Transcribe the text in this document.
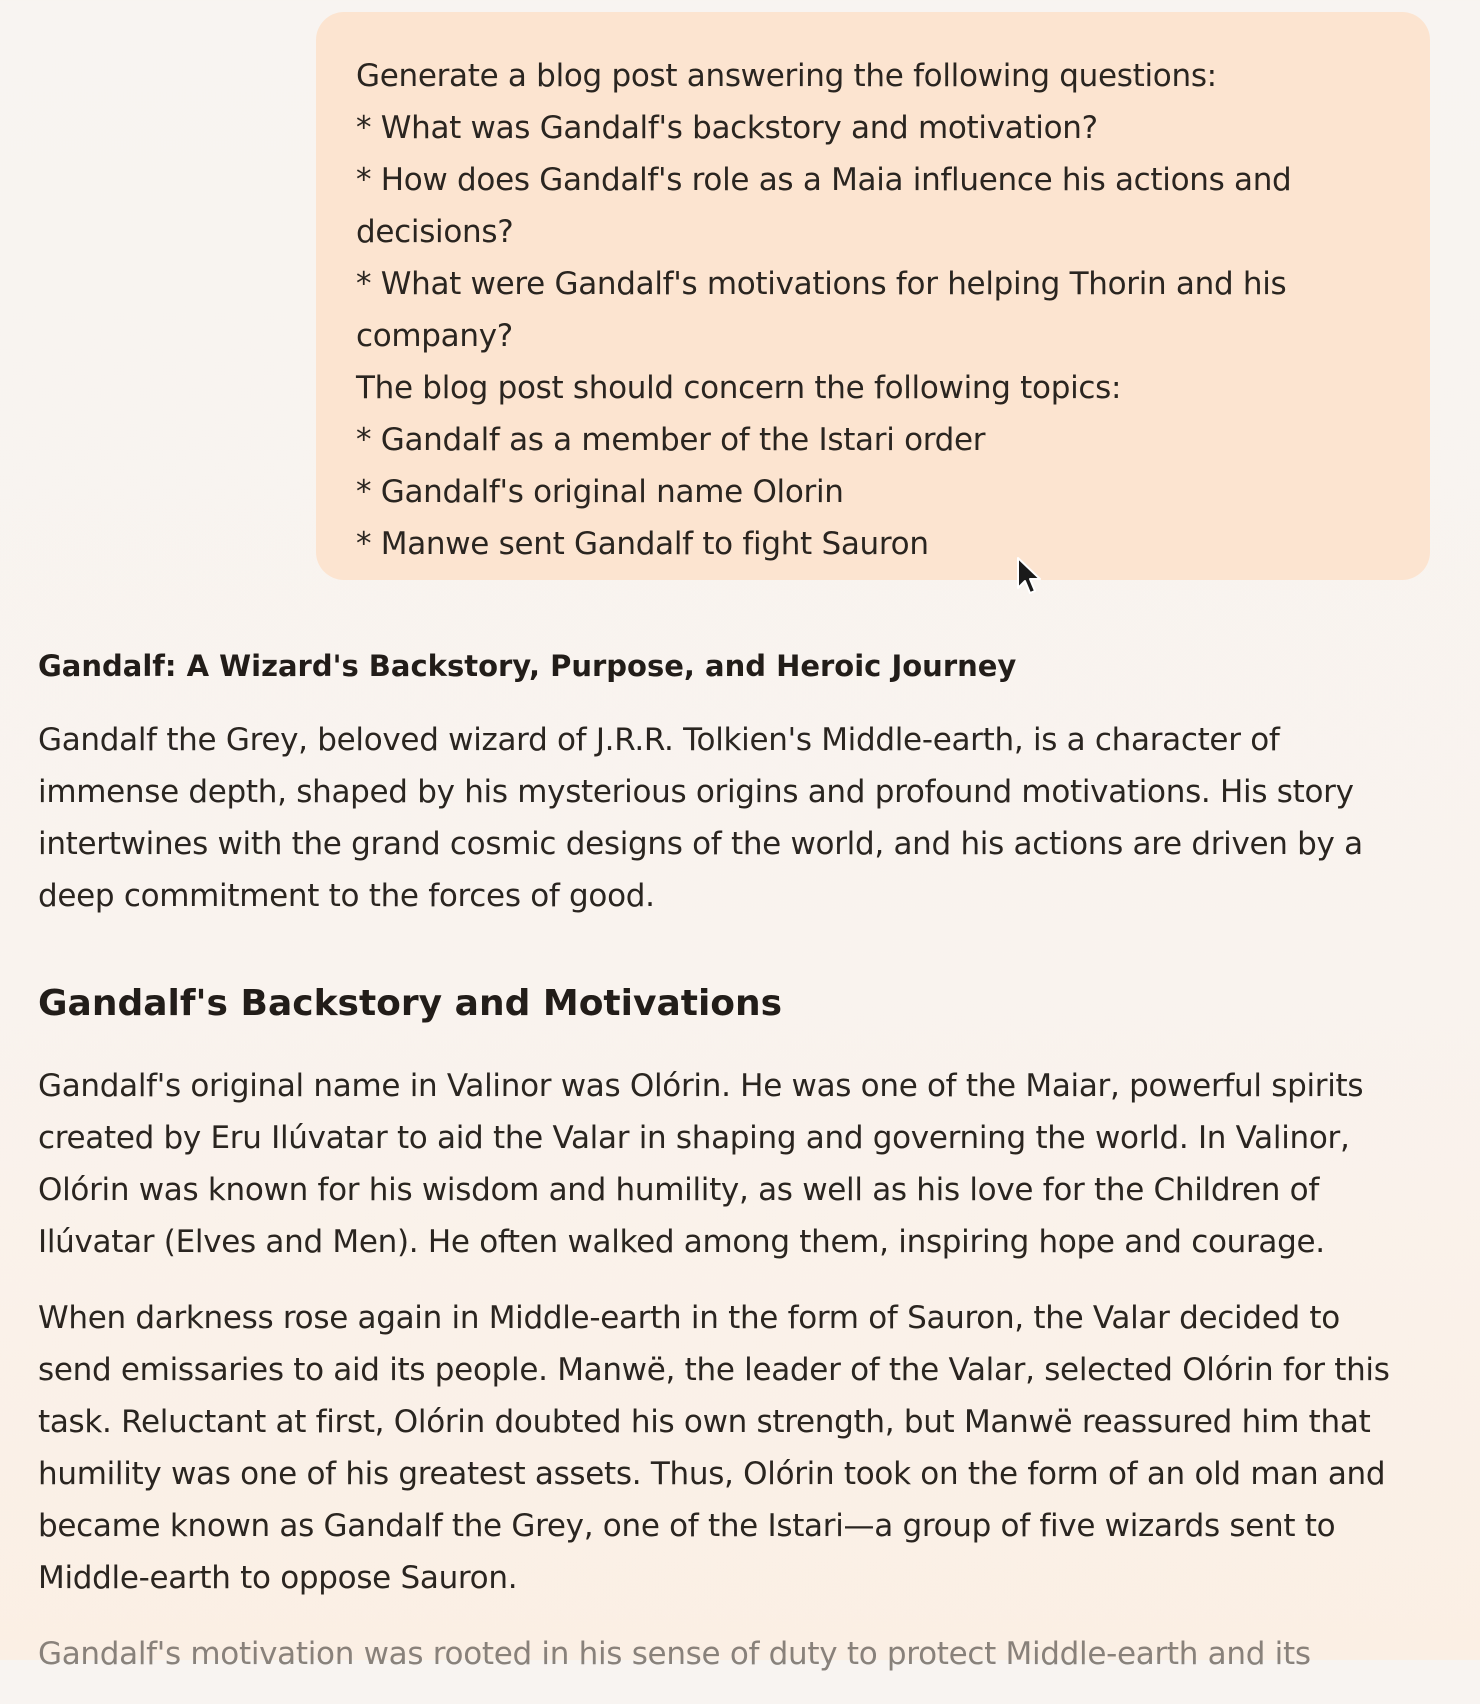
Generate a blog post answering the following questions:
* What was Gandalf's backstory and motivation?
* How does Gandalf's role as a Maia influence his actions and
decisions?
* What were Gandalf's motivations for helping Thorin and his
company?
The blog post should concern the following topics:
* Gandalf as a member of the Istari order
* Gandalf's original name Olorin
* Manwe sent Gandalf to fight Sauron
Gandalf: A Wizard's Backstory, Purpose, and Heroic Journey
Gandalf the Grey, beloved wizard of J.R.R. Tolkien's Middle-earth, is a character of
immense depth, shaped by his mysterious origins and profound motivations. His story
intertwines with the grand cosmic designs of the world, and his actions are driven by a
deep commitment to the forces of good.
Gandalf's Backstory and Motivations
Gandalf's original name in Valinor was Olórin. He was one of the Maiar, powerful spirits
created by Eru Ilúvatar to aid the Valar in shaping and governing the world. In Valinor,
Olórin was known for his wisdom and humility, as well as his love for the Children of
Ilúvatar (Elves and Men). He often walked among them, inspiring hope and courage.
When darkness rose again in Middle-earth in the form of Sauron, the Valar decided to
send emissaries to aid its people. Manwë, the leader of the Valar, selected Olórin for this
task. Reluctant at first, Olórin doubted his own strength, but Manwë reassured him that
humility was one of his greatest assets. Thus, Olórin took on the form of an old man and
became known as Gandalf the Grey, one of the Istari—a group of five wizards sent to
Middle-earth to oppose Sauron.
Gandalf's motivation was rooted in his sense of duty to protect Middle-earth and its
